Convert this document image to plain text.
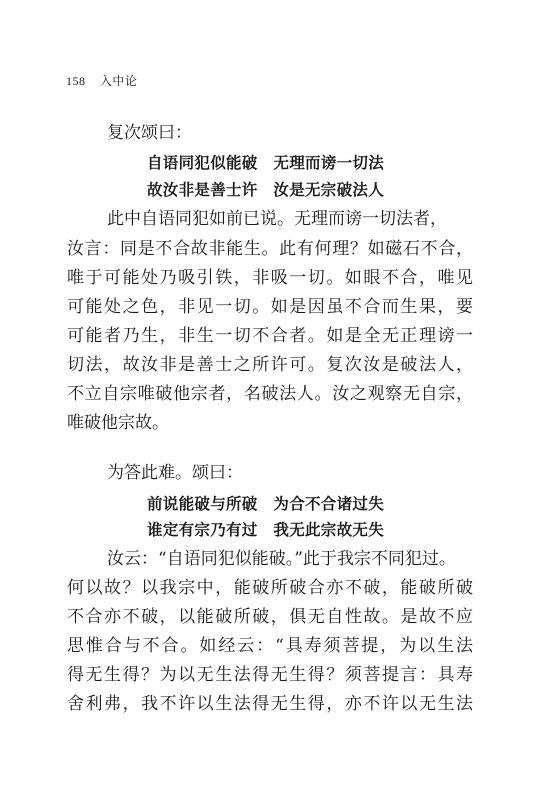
158 入中论
复次颂曰：
自语同犯似能破　无理而谤一切法
故汝非是善士许　汝是无宗破法人
此中自语同犯如前已说。无理而谤一切法者，
汝言：同是不合故非能生。此有何理？如磁石不合，
唯于可能处乃吸引铁，非吸一切。如眼不合，唯见
可能处之色，非见一切。如是因虽不合而生果，要
可能者乃生，非生一切不合者。如是全无正理谤一
切法，故汝非是善士之所许可。复次汝是破法人，
不立自宗唯破他宗者，名破法人。汝之观察无自宗，
唯破他宗故。
为答此难。颂曰：
前说能破与所破　为合不合诸过失
谁定有宗乃有过　我无此宗故无失
汝云：“自语同犯似能破。”此于我宗不同犯过。
何以故？以我宗中，能破所破合亦不破，能破所破
不合亦不破，以能破所破，俱无自性故。是故不应
思惟合与不合。如经云：“具寿须菩提，为以生法
得无生得？为以无生法得无生得？须菩提言：具寿
舍利弗，我不许以生法得无生得，亦不许以无生法
